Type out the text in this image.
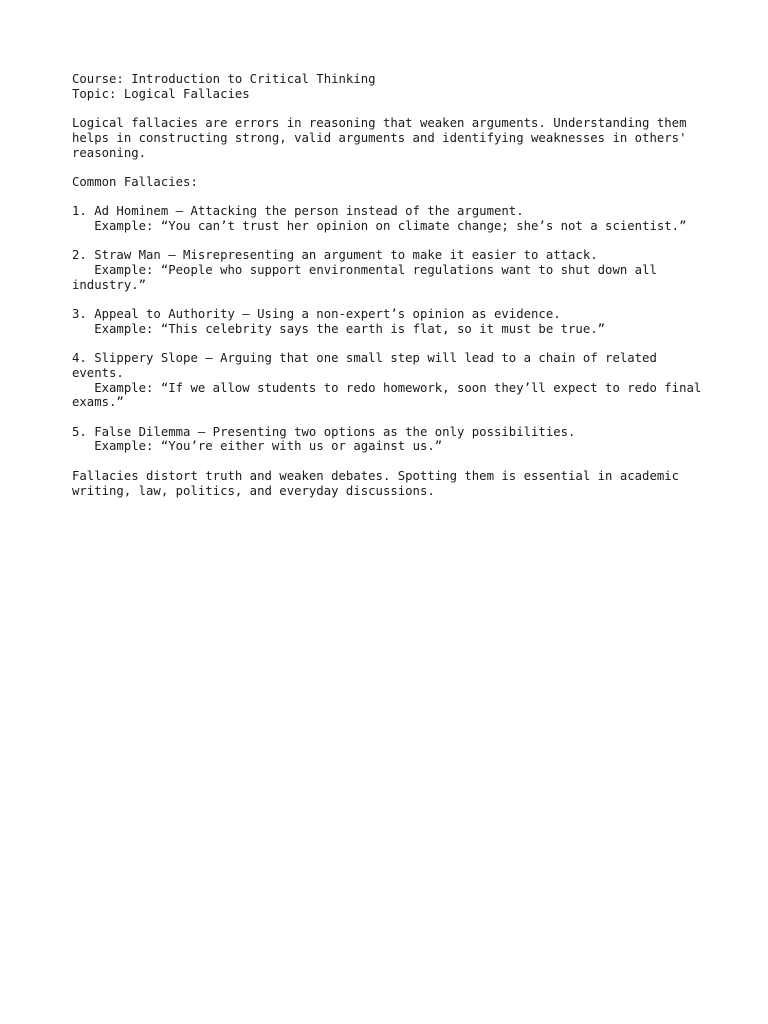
Course: Introduction to Critical Thinking
Topic: Logical Fallacies
Logical fallacies are errors in reasoning that weaken arguments. Understanding them helps in constructing strong, valid arguments and identifying weaknesses in others' reasoning.
Common Fallacies:
1. Ad Hominem – Attacking the person instead of the argument.
Example: “You can’t trust her opinion on climate change; she’s not a scientist.”
2. Straw Man – Misrepresenting an argument to make it easier to attack.
Example: “People who support environmental regulations want to shut down all industry.”
3. Appeal to Authority – Using a non-expert’s opinion as evidence.
Example: “This celebrity says the earth is flat, so it must be true.”
4. Slippery Slope – Arguing that one small step will lead to a chain of related events.
Example: “If we allow students to redo homework, soon they’ll expect to redo final exams.”
5. False Dilemma – Presenting two options as the only possibilities.
Example: “You’re either with us or against us.”
Fallacies distort truth and weaken debates. Spotting them is essential in academic writing, law, politics, and everyday discussions.
